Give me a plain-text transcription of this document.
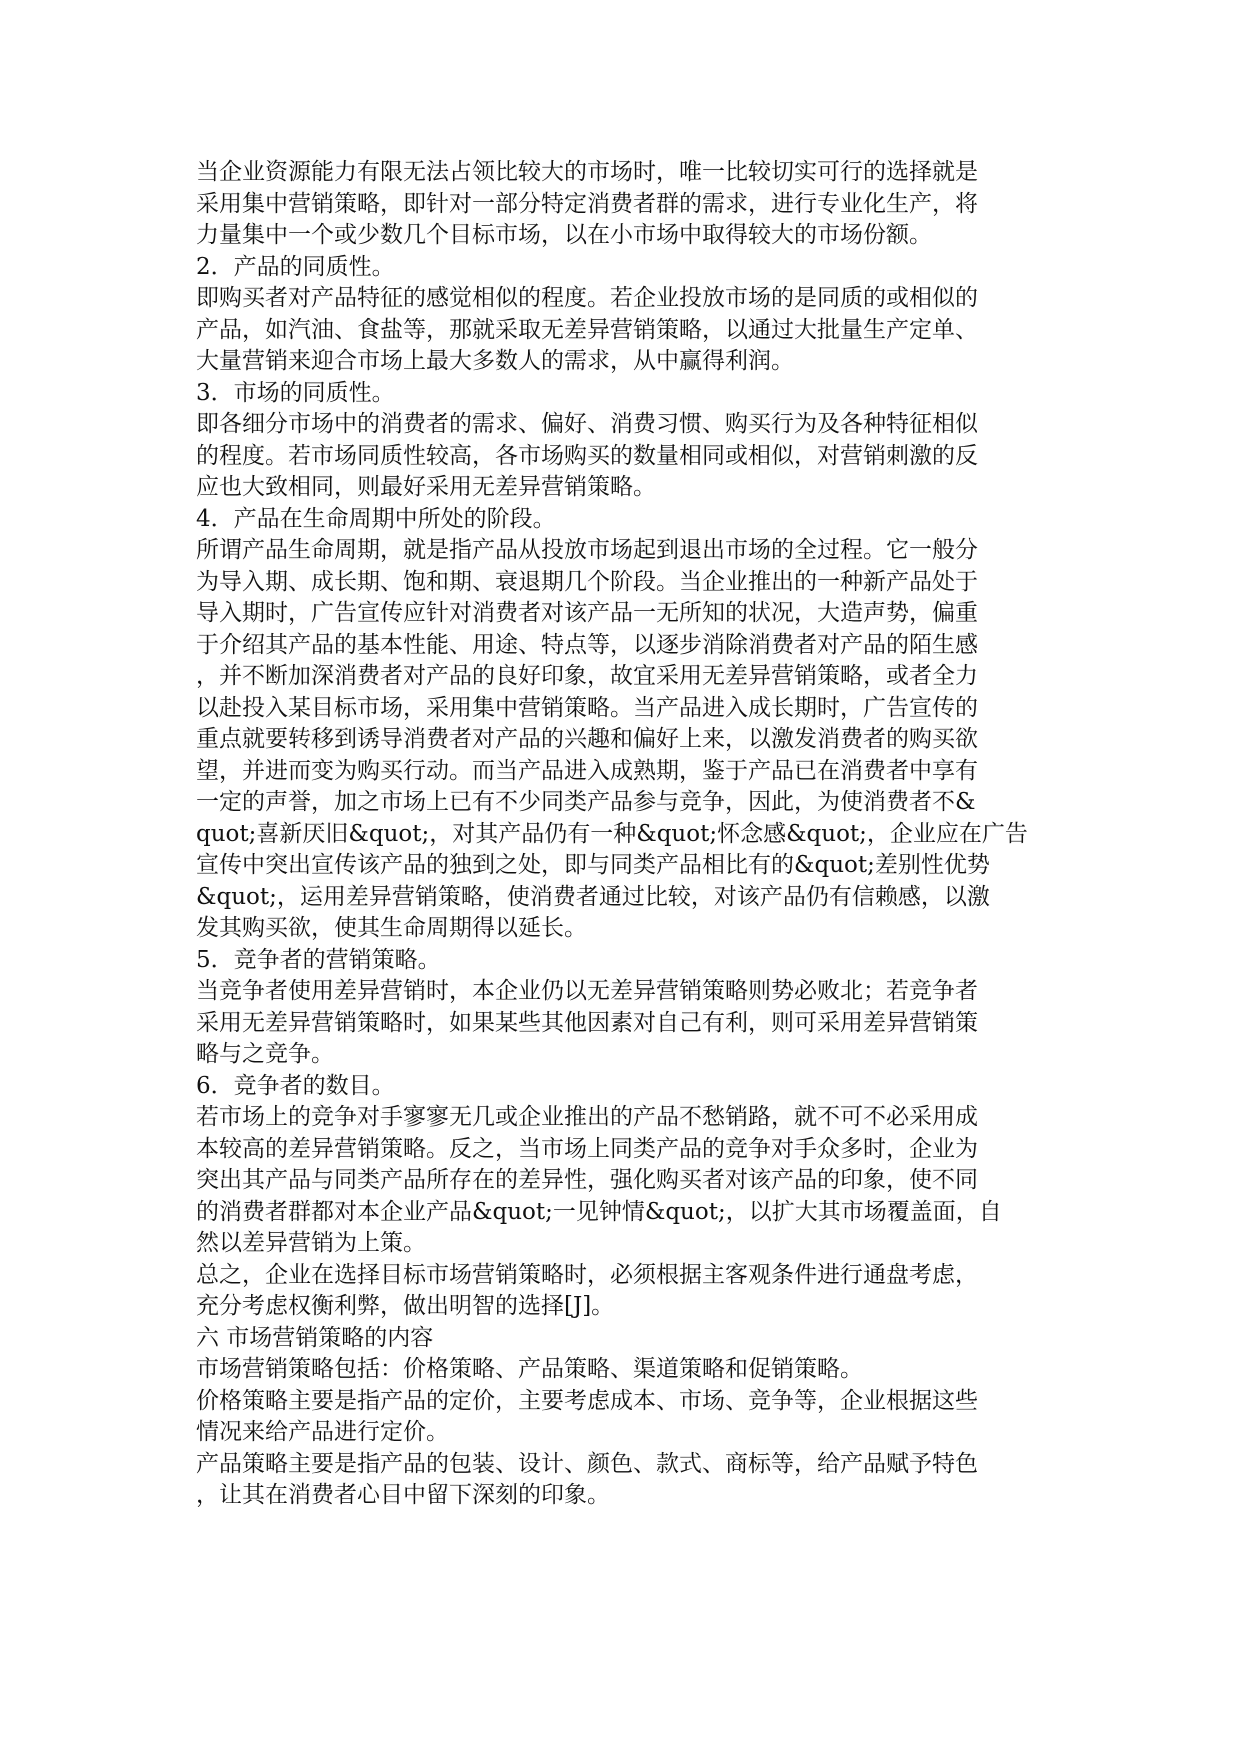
当企业资源能力有限无法占领比较大的市场时，唯一比较切实可行的选择就是
采用集中营销策略，即针对一部分特定消费者群的需求，进行专业化生产，将
力量集中一个或少数几个目标市场，以在小市场中取得较大的市场份额。
2．产品的同质性。
即购买者对产品特征的感觉相似的程度。若企业投放市场的是同质的或相似的
产品，如汽油、食盐等，那就采取无差异营销策略，以通过大批量生产定单、
大量营销来迎合市场上最大多数人的需求，从中赢得利润。
3．市场的同质性。
即各细分市场中的消费者的需求、偏好、消费习惯、购买行为及各种特征相似
的程度。若市场同质性较高，各市场购买的数量相同或相似，对营销刺激的反
应也大致相同，则最好采用无差异营销策略。
4．产品在生命周期中所处的阶段。
所谓产品生命周期，就是指产品从投放市场起到退出市场的全过程。它一般分
为导入期、成长期、饱和期、衰退期几个阶段。当企业推出的一种新产品处于
导入期时，广告宣传应针对消费者对该产品一无所知的状况，大造声势，偏重
于介绍其产品的基本性能、用途、特点等，以逐步消除消费者对产品的陌生感
，并不断加深消费者对产品的良好印象，故宜采用无差异营销策略，或者全力
以赴投入某目标市场，采用集中营销策略。当产品进入成长期时，广告宣传的
重点就要转移到诱导消费者对产品的兴趣和偏好上来，以激发消费者的购买欲
望，并进而变为购买行动。而当产品进入成熟期，鉴于产品已在消费者中享有
一定的声誉，加之市场上已有不少同类产品参与竞争，因此，为使消费者不&
quot;喜新厌旧&quot;，对其产品仍有一种&quot;怀念感&quot;，企业应在广告
宣传中突出宣传该产品的独到之处，即与同类产品相比有的&quot;差别性优势
&quot;，运用差异营销策略，使消费者通过比较，对该产品仍有信赖感，以激
发其购买欲，使其生命周期得以延长。
5．竞争者的营销策略。
当竞争者使用差异营销时，本企业仍以无差异营销策略则势必败北；若竞争者
采用无差异营销策略时，如果某些其他因素对自己有利，则可采用差异营销策
略与之竞争。
6．竞争者的数目。
若市场上的竞争对手寥寥无几或企业推出的产品不愁销路，就不可不必采用成
本较高的差异营销策略。反之，当市场上同类产品的竞争对手众多时，企业为
突出其产品与同类产品所存在的差异性，强化购买者对该产品的印象，使不同
的消费者群都对本企业产品&quot;一见钟情&quot;，以扩大其市场覆盖面，自
然以差异营销为上策。
总之，企业在选择目标市场营销策略时，必须根据主客观条件进行通盘考虑，
充分考虑权衡利弊，做出明智的选择[J]。
六 市场营销策略的内容
市场营销策略包括：价格策略、产品策略、渠道策略和促销策略。
价格策略主要是指产品的定价，主要考虑成本、市场、竞争等，企业根据这些
情况来给产品进行定价。
产品策略主要是指产品的包装、设计、颜色、款式、商标等，给产品赋予特色
，让其在消费者心目中留下深刻的印象。
